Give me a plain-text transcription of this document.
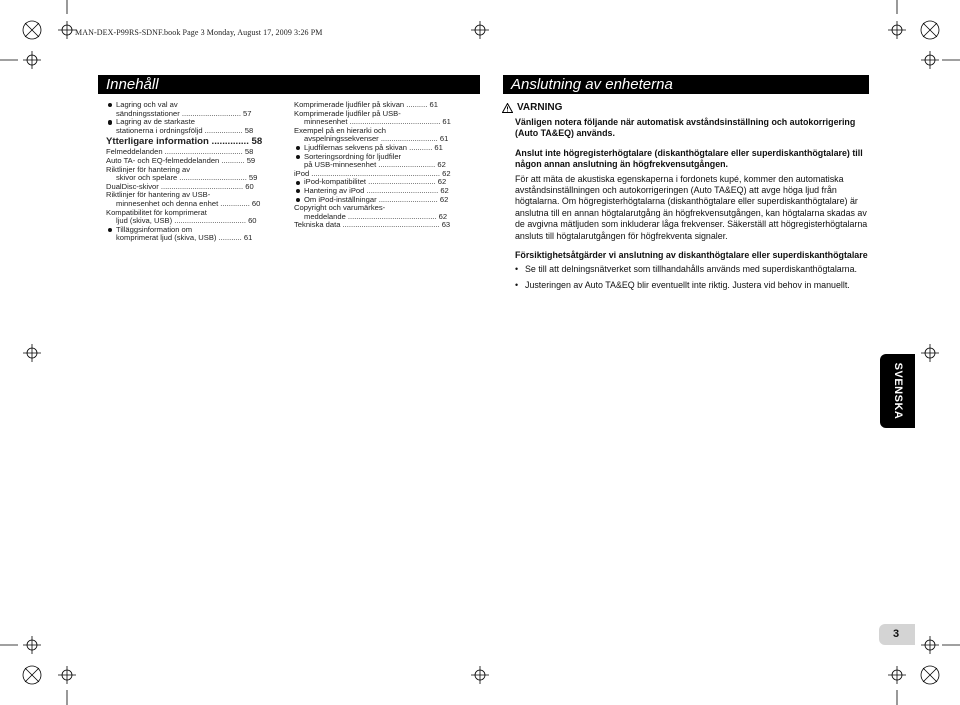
MAN-DEX-P99RS-SDNF.book Page 3 Monday, August 17, 2009 3:26 PM
Innehåll	Anslutning av enheterna
Lagring och val av
sändningsstationer ............................ 57
Lagring av de starkaste
stationerna i ordningsföljd .................. 58
Ytterligare information .............. 58
Felmeddelanden ..................................... 58
Auto TA- och EQ-felmeddelanden ........... 59
Riktlinjer för hantering av
skivor och spelare ................................ 59
DualDisc-skivor ....................................... 60
Riktlinjer för hantering av USB-
minnesenhet och denna enhet .............. 60
Kompatibilitet för komprimerat
ljud (skiva, USB) .................................. 60
Tilläggsinformation om
komprimerat ljud (skiva, USB) ........... 61
Komprimerade ljudfiler på skivan .......... 61
Komprimerade ljudfiler på USB-
minnesenhet ........................................... 61
Exempel på en hierarki och
avspelningssekvenser ........................... 61
Ljudfilernas sekvens på skivan ........... 61
Sorteringsordning för ljudfiler
på USB-minnesenhet ........................... 62
iPod ............................................................. 62
iPod-kompatibilitet ................................ 62
Hantering av iPod .................................. 62
Om iPod-inställningar ............................ 62
Copyright och varumärkes-
meddelande .......................................... 62
Tekniska data .............................................. 63
VARNING
Vänligen notera följande när automatisk avståndsinställning och autokorrigering (Auto TA&EQ) används.
Anslut inte högregisterhögtalare (diskanthögtalare eller superdiskanthögtalare) till någon annan anslutning än högfrekvensutgången.
För att mäta de akustiska egenskaperna i fordonets kupé, kommer den automatiska avståndsinställningen och autokorrigeringen (Auto TA&EQ) att avge höga ljud från högtalarna. Om högregisterhögtalarna (diskanthögtalare eller superdiskanthögtalare) är anslutna till en annan högtalarutgång än högfrekvensutgången, kan högtalarna skadas av de avgivna mätljuden som inkluderar låga frekvenser. Säkerställ att högregisterhögtalarna ansluts till högtalarutgången för högfrekventa signaler.
Försiktighetsåtgärder vi anslutning av diskanthögtalare eller superdiskanthögtalare
• Se till att delningsnätverket som tillhandahålls används med superdiskanthögtalarna.
• Justeringen av Auto TA&EQ blir eventuellt inte riktig. Justera vid behov in manuellt.
SVENSKA
3
